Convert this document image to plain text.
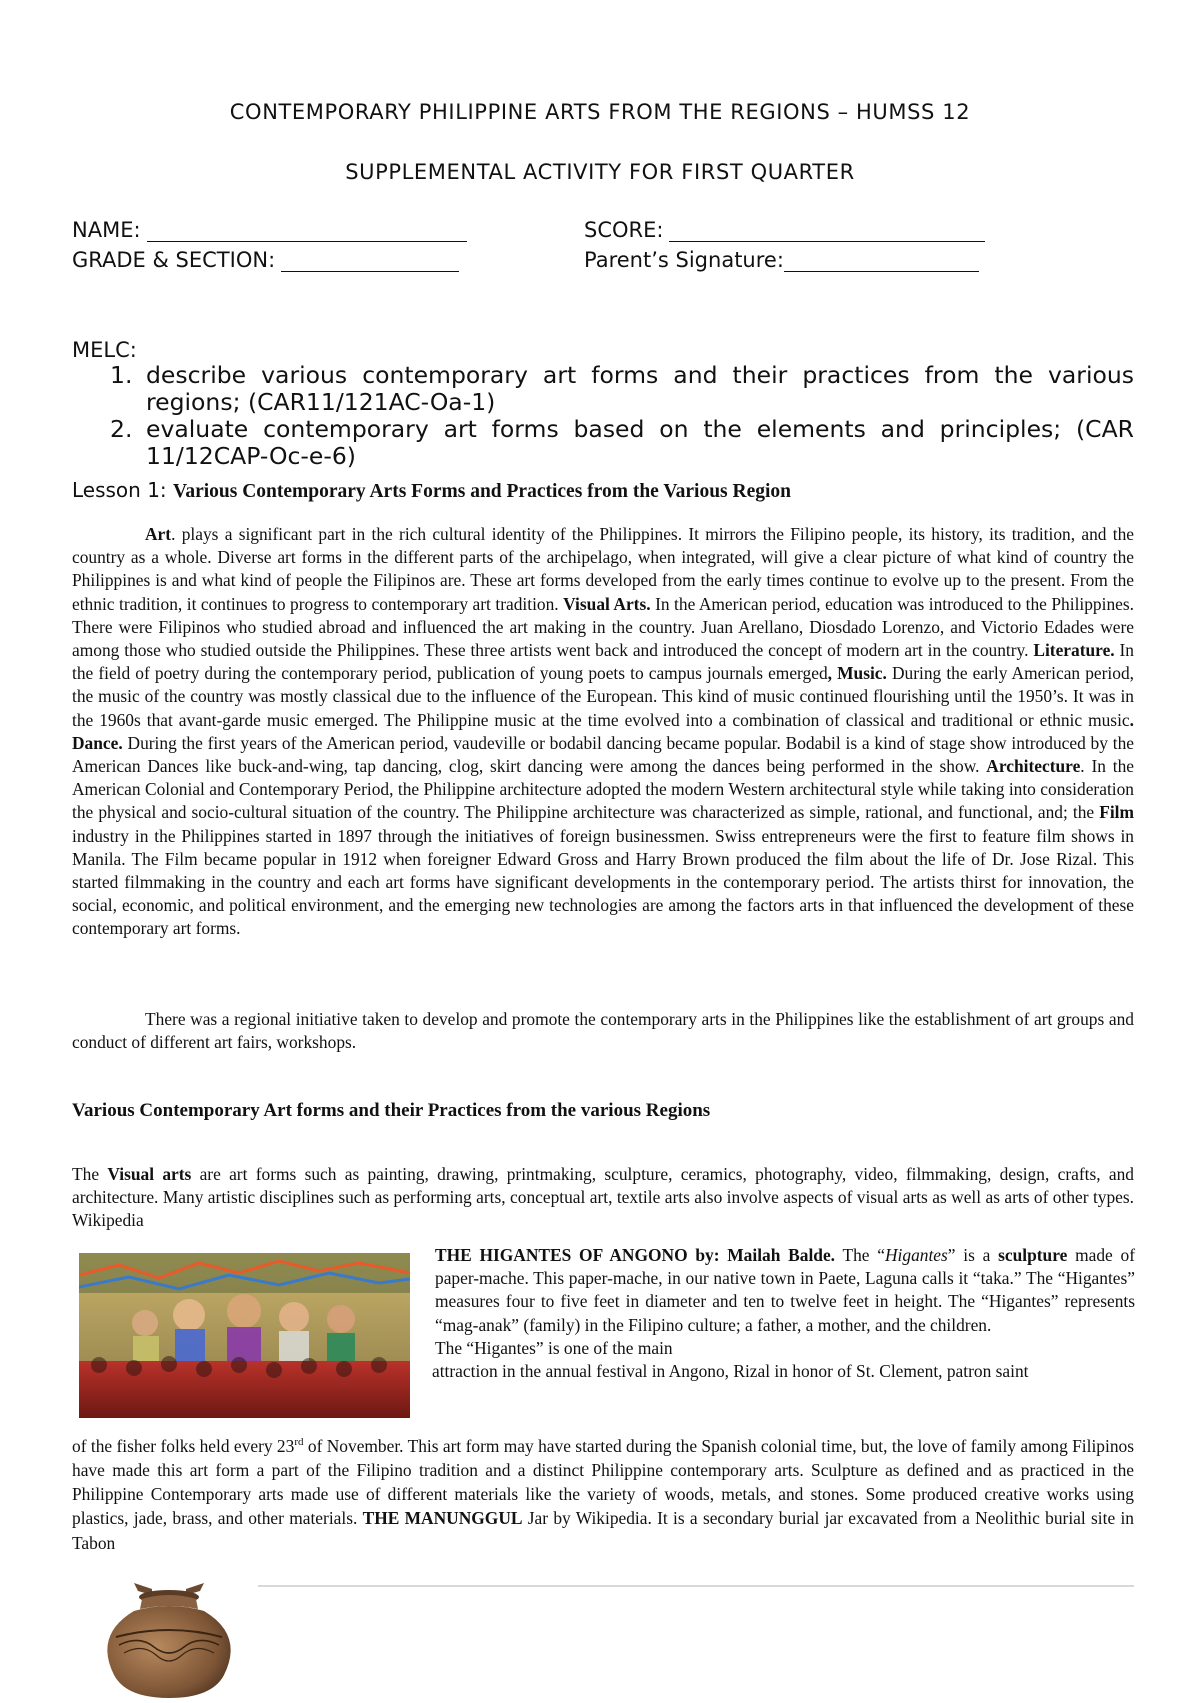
CONTEMPORARY PHILIPPINE ARTS FROM THE REGIONS – HUMSS 12
SUPPLEMENTAL ACTIVITY FOR FIRST QUARTER
NAME:	SCORE:
GRADE & SECTION:	Parent’s Signature:
MELC:
1. describe various contemporary art forms and their practices from the various regions; (CAR11/121AC-Oa-1)
2. evaluate contemporary art forms based on the elements and principles; (CAR 11/12CAP-Oc-e-6)
Lesson 1: Various Contemporary Arts Forms and Practices from the Various Region
Art. plays a significant part in the rich cultural identity of the Philippines. It mirrors the Filipino people, its history, its tradition, and the country as a whole. Diverse art forms in the different parts of the archipelago, when integrated, will give a clear picture of what kind of country the Philippines is and what kind of people the Filipinos are. These art forms developed from the early times continue to evolve up to the present. From the ethnic tradition, it continues to progress to contemporary art tradition. Visual Arts. In the American period, education was introduced to the Philippines. There were Filipinos who studied abroad and influenced the art making in the country. Juan Arellano, Diosdado Lorenzo, and Victorio Edades were among those who studied outside the Philippines. These three artists went back and introduced the concept of modern art in the country. Literature. In the field of poetry during the contemporary period, publication of young poets to campus journals emerged, Music. During the early American period, the music of the country was mostly classical due to the influence of the European. This kind of music continued flourishing until the 1950’s. It was in the 1960s that avant-garde music emerged. The Philippine music at the time evolved into a combination of classical and traditional or ethnic music. Dance. During the first years of the American period, vaudeville or bodabil dancing became popular. Bodabil is a kind of stage show introduced by the American Dances like buck-and-wing, tap dancing, clog, skirt dancing were among the dances being performed in the show. Architecture. In the American Colonial and Contemporary Period, the Philippine architecture adopted the modern Western architectural style while taking into consideration the physical and socio-cultural situation of the country. The Philippine architecture was characterized as simple, rational, and functional, and; the Film industry in the Philippines started in 1897 through the initiatives of foreign businessmen. Swiss entrepreneurs were the first to feature film shows in Manila. The Film became popular in 1912 when foreigner Edward Gross and Harry Brown produced the film about the life of Dr. Jose Rizal. This started filmmaking in the country and each art forms have significant developments in the contemporary period. The artists thirst for innovation, the social, economic, and political environment, and the emerging new technologies are among the factors arts in that influenced the development of these contemporary art forms.
There was a regional initiative taken to develop and promote the contemporary arts in the Philippines like the establishment of art groups and conduct of different art fairs, workshops.
Various Contemporary Art forms and their Practices from the various Regions
The Visual arts are art forms such as painting, drawing, printmaking, sculpture, ceramics, photography, video, filmmaking, design, crafts, and architecture. Many artistic disciplines such as performing arts, conceptual art, textile arts also involve aspects of visual arts as well as arts of other types. Wikipedia
THE HIGANTES OF ANGONO by: Mailah Balde. The “Higantes” is a sculpture made of paper-mache. This paper-mache, in our native town in Paete, Laguna calls it “taka.” The “Higantes” measures four to five feet in diameter and ten to twelve feet in height. The “Higantes” represents “mag-anak” (family) in the Filipino culture; a father, a mother, and the children.
The “Higantes” is one of the main
attraction in the annual festival in Angono, Rizal in honor of St. Clement, patron saint
of the fisher folks held every 23rd of November. This art form may have started during the Spanish colonial time, but, the love of family among Filipinos have made this art form a part of the Filipino tradition and a distinct Philippine contemporary arts. Sculpture as defined and as practiced in the Philippine Contemporary arts made use of different materials like the variety of woods, metals, and stones. Some produced creative works using plastics, jade, brass, and other materials. THE MANUNGGUL Jar by Wikipedia. It is a secondary burial jar excavated from a Neolithic burial site in Tabon
